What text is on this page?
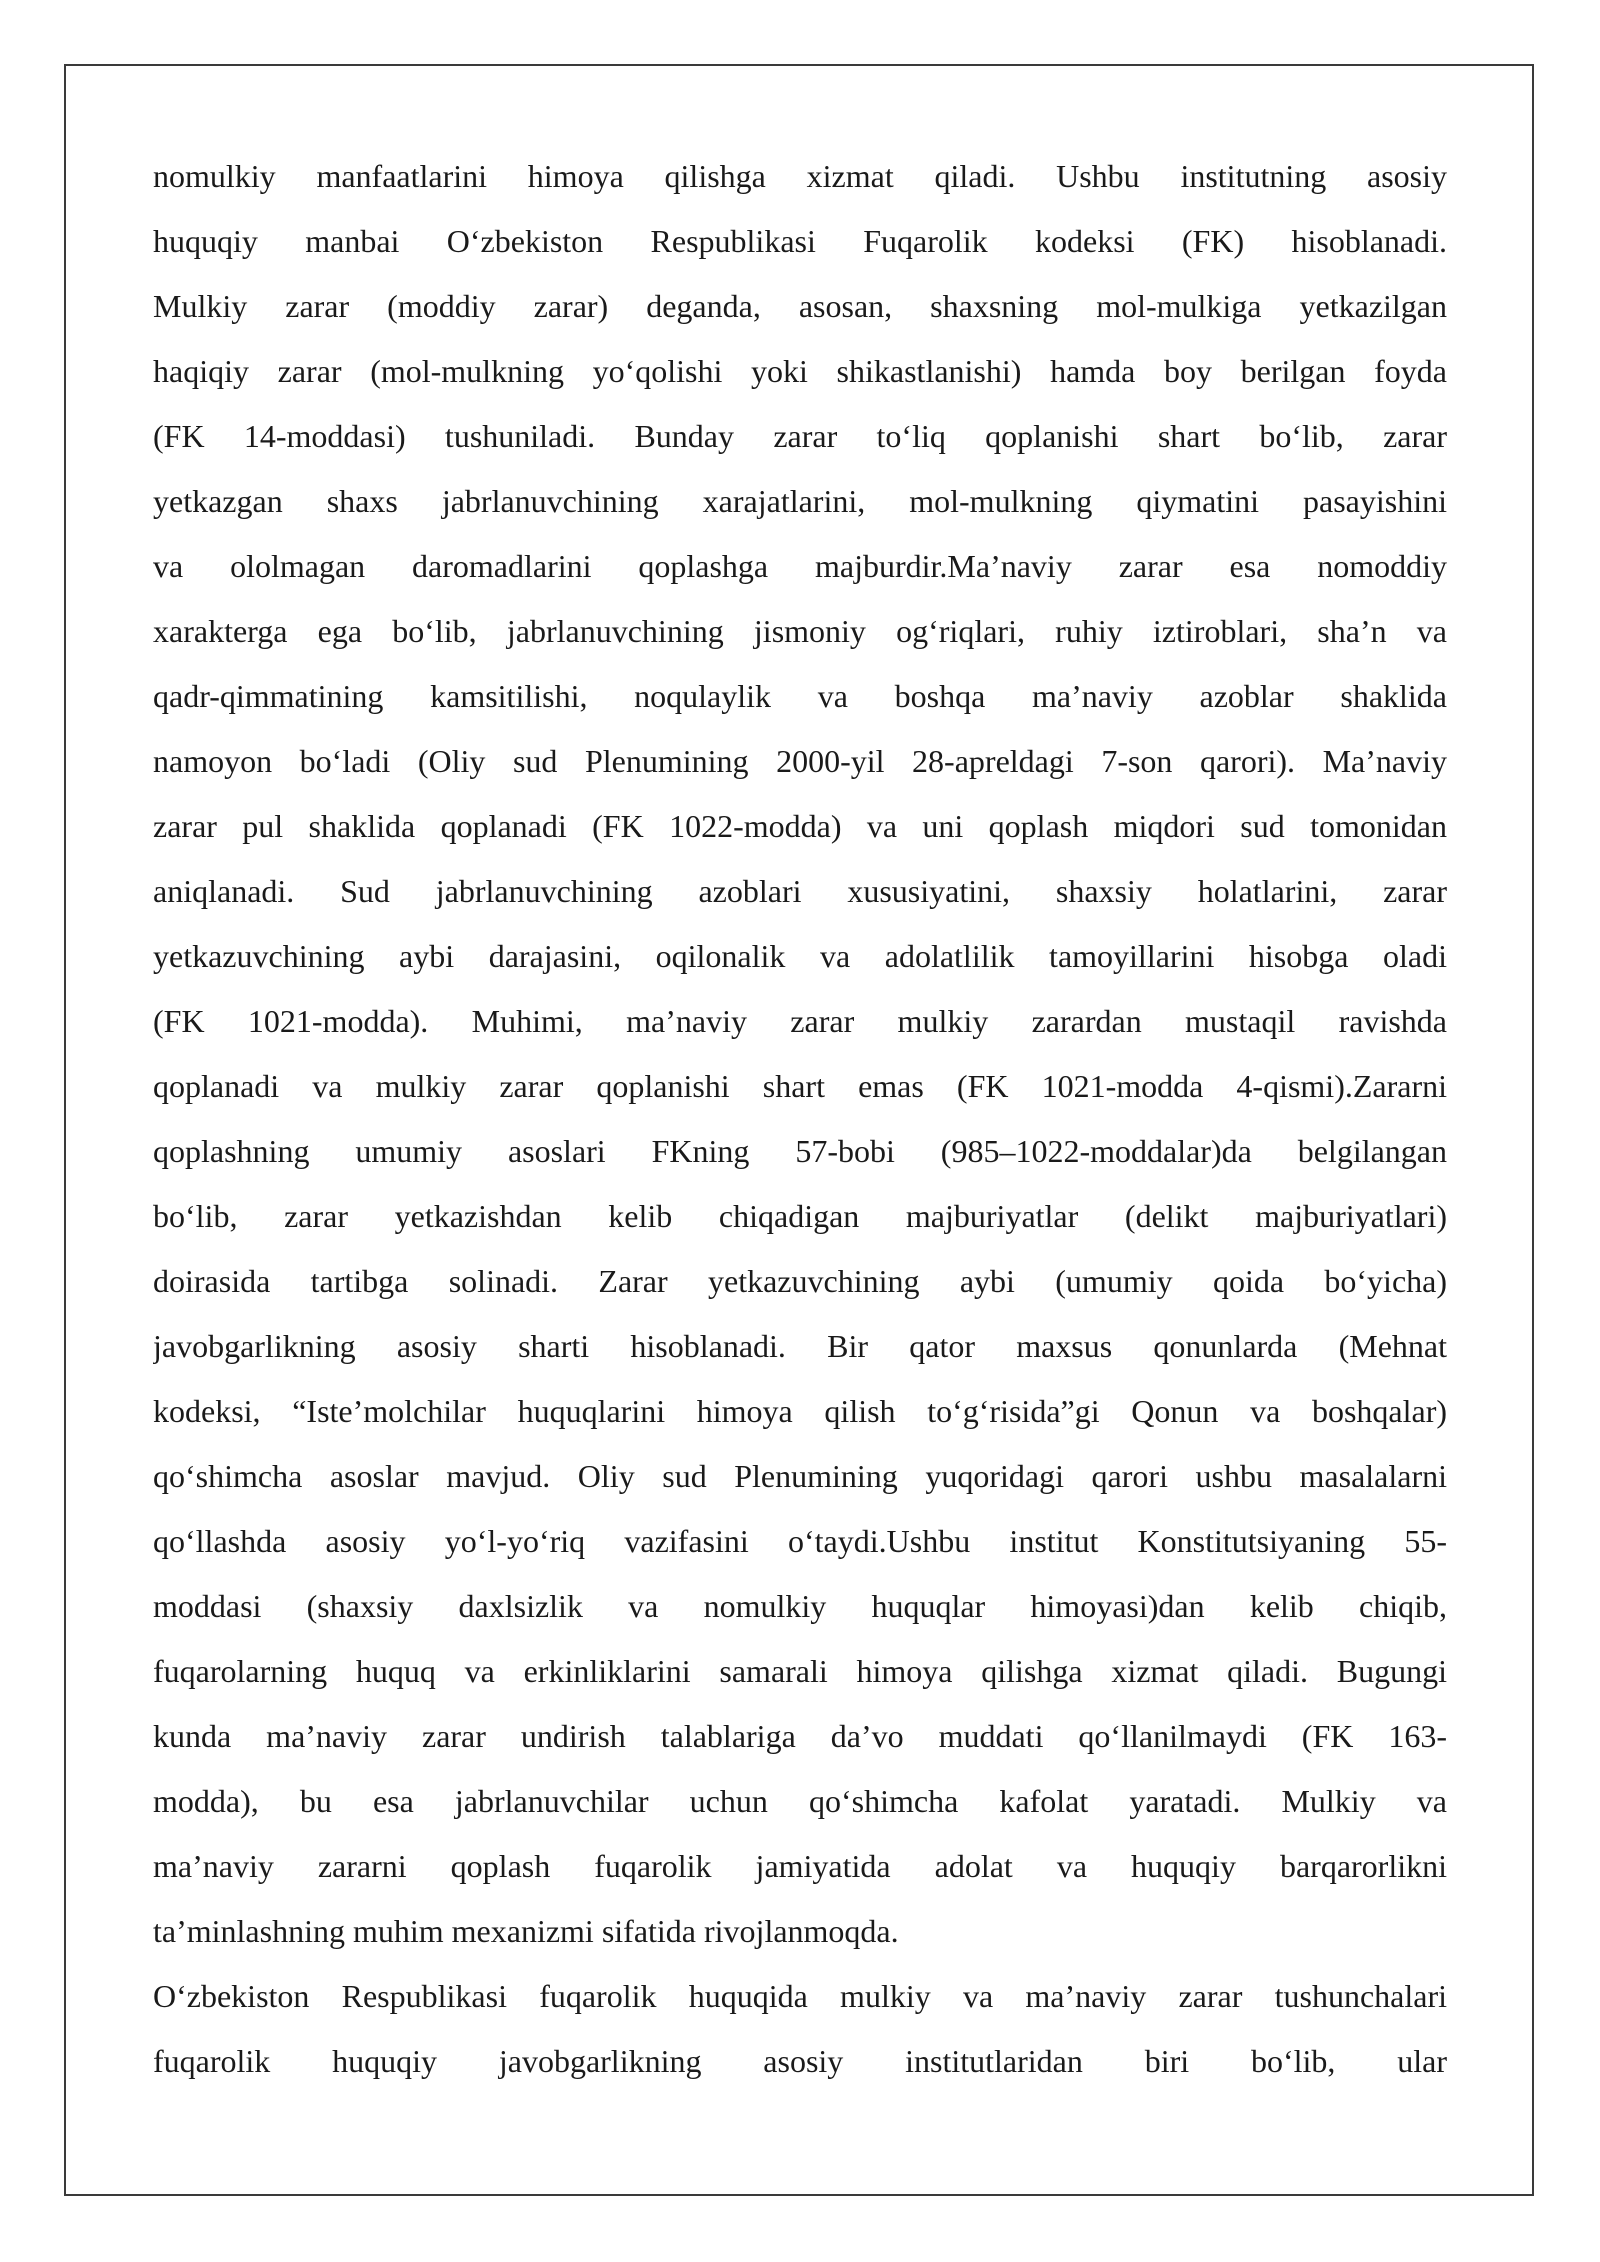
nomulkiy manfaatlarini himoya qilishga xizmat qiladi. Ushbu institutning asosiy
huquqiy manbai O‘zbekiston Respublikasi Fuqarolik kodeksi (FK) hisoblanadi.
Mulkiy zarar (moddiy zarar) deganda, asosan, shaxsning mol-mulkiga yetkazilgan
haqiqiy zarar (mol-mulkning yo‘qolishi yoki shikastlanishi) hamda boy berilgan foyda
(FK 14-moddasi) tushuniladi. Bunday zarar to‘liq qoplanishi shart bo‘lib, zarar
yetkazgan shaxs jabrlanuvchining xarajatlarini, mol-mulkning qiymatini pasayishini
va ololmagan daromadlarini qoplashga majburdir.Ma’naviy zarar esa nomoddiy
xarakterga ega bo‘lib, jabrlanuvchining jismoniy og‘riqlari, ruhiy iztiroblari, sha’n va
qadr-qimmatining kamsitilishi, noqulaylik va boshqa ma’naviy azoblar shaklida
namoyon bo‘ladi (Oliy sud Plenumining 2000-yil 28-apreldagi 7-son qarori). Ma’naviy
zarar pul shaklida qoplanadi (FK 1022-modda) va uni qoplash miqdori sud tomonidan
aniqlanadi. Sud jabrlanuvchining azoblari xususiyatini, shaxsiy holatlarini, zarar
yetkazuvchining aybi darajasini, oqilonalik va adolatlilik tamoyillarini hisobga oladi
(FK 1021-modda). Muhimi, ma’naviy zarar mulkiy zarardan mustaqil ravishda
qoplanadi va mulkiy zarar qoplanishi shart emas (FK 1021-modda 4-qismi).Zararni
qoplashning umumiy asoslari FKning 57-bobi (985–1022-moddalar)da belgilangan
bo‘lib, zarar yetkazishdan kelib chiqadigan majburiyatlar (delikt majburiyatlari)
doirasida tartibga solinadi. Zarar yetkazuvchining aybi (umumiy qoida bo‘yicha)
javobgarlikning asosiy sharti hisoblanadi. Bir qator maxsus qonunlarda (Mehnat
kodeksi, “Iste’molchilar huquqlarini himoya qilish to‘g‘risida”gi Qonun va boshqalar)
qo‘shimcha asoslar mavjud. Oliy sud Plenumining yuqoridagi qarori ushbu masalalarni
qo‘llashda asosiy yo‘l-yo‘riq vazifasini o‘taydi.Ushbu institut Konstitutsiyaning 55-
moddasi (shaxsiy daxlsizlik va nomulkiy huquqlar himoyasi)dan kelib chiqib,
fuqarolarning huquq va erkinliklarini samarali himoya qilishga xizmat qiladi. Bugungi
kunda ma’naviy zarar undirish talablariga da’vo muddati qo‘llanilmaydi (FK 163-
modda), bu esa jabrlanuvchilar uchun qo‘shimcha kafolat yaratadi. Mulkiy va
ma’naviy zararni qoplash fuqarolik jamiyatida adolat va huquqiy barqarorlikni
ta’minlashning muhim mexanizmi sifatida rivojlanmoqda.
O‘zbekiston Respublikasi fuqarolik huquqida mulkiy va ma’naviy zarar tushunchalari
fuqarolik huquqiy javobgarlikning asosiy institutlaridan biri bo‘lib, ular
